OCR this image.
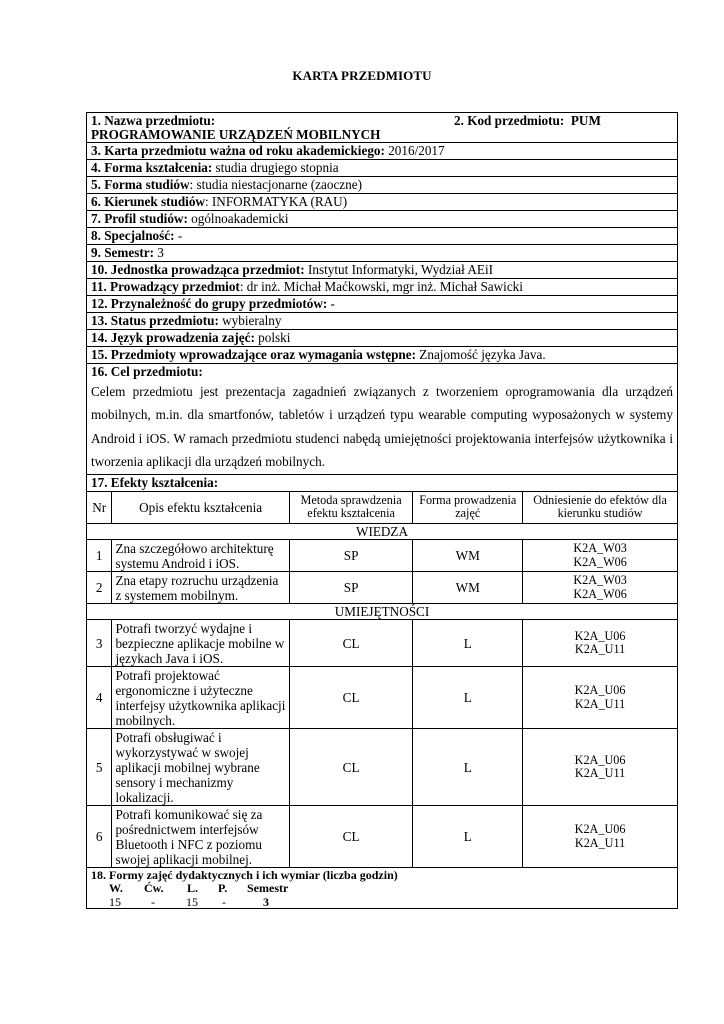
KARTA PRZEDMIOTU
1. Nazwa przedmiotu:	2. Kod przedmiotu: PUM
PROGRAMOWANIE URZĄDZEŃ MOBILNYCH
3. Karta przedmiotu ważna od roku akademickiego: 2016/2017
4. Forma kształcenia: studia drugiego stopnia
5. Forma studiów: studia niestacjonarne (zaoczne)
6. Kierunek studiów: INFORMATYKA (RAU)
7. Profil studiów: ogólnoakademicki
8. Specjalność: -
9. Semestr: 3
10. Jednostka prowadząca przedmiot: Instytut Informatyki, Wydział AEiI
11. Prowadzący przedmiot: dr inż. Michał Maćkowski, mgr inż. Michał Sawicki
12. Przynależność do grupy przedmiotów: -
13. Status przedmiotu: wybieralny
14. Język prowadzenia zajęć: polski
15. Przedmioty wprowadzające oraz wymagania wstępne: Znajomość języka Java.
16. Cel przedmiotu:
Celem przedmiotu jest prezentacja zagadnień związanych z tworzeniem oprogramowania dla urządzeń mobilnych, m.in. dla smartfonów, tabletów i urządzeń typu wearable computing wyposażonych w systemy Android i iOS. W ramach przedmiotu studenci nabędą umiejętności projektowania interfejsów użytkownika i tworzenia aplikacji dla urządzeń mobilnych.
17. Efekty kształcenia:
Nr	Opis efektu kształcenia	Metoda sprawdzenia efektu kształcenia	Forma prowadzenia zajęć	Odniesienie do efektów dla kierunku studiów
WIEDZA				
1	Zna szczegółowo architekturę systemu Android i iOS.	SP	WM	K2A_W03
K2A_W06

2	Zna etapy rozruchu urządzenia z systemem mobilnym.	SP	WM	K2A_W03
K2A_W06

UMIEJĘTNOŚCI				
3	Potrafi tworzyć wydajne i bezpieczne aplikacje mobilne w językach Java i iOS.	CL	L	K2A_U06
K2A_U11

4	Potrafi projektować ergonomiczne i użyteczne interfejsy użytkownika aplikacji mobilnych.	CL	L	K2A_U06
K2A_U11

5	Potrafi obsługiwać i wykorzystywać w swojej aplikacji mobilnej wybrane sensory i mechanizmy lokalizacji.	CL	L	K2A_U06
K2A_U11

6	Potrafi komunikować się za pośrednictwem interfejsów Bluetooth i NFC z poziomu swojej aplikacji mobilnej.	CL	L	K2A_U06
K2A_U11
18. Formy zajęć dydaktycznych i ich wymiar (liczba godzin)
W. Ćw. L. P. Semestr
15	-	15 -	3
